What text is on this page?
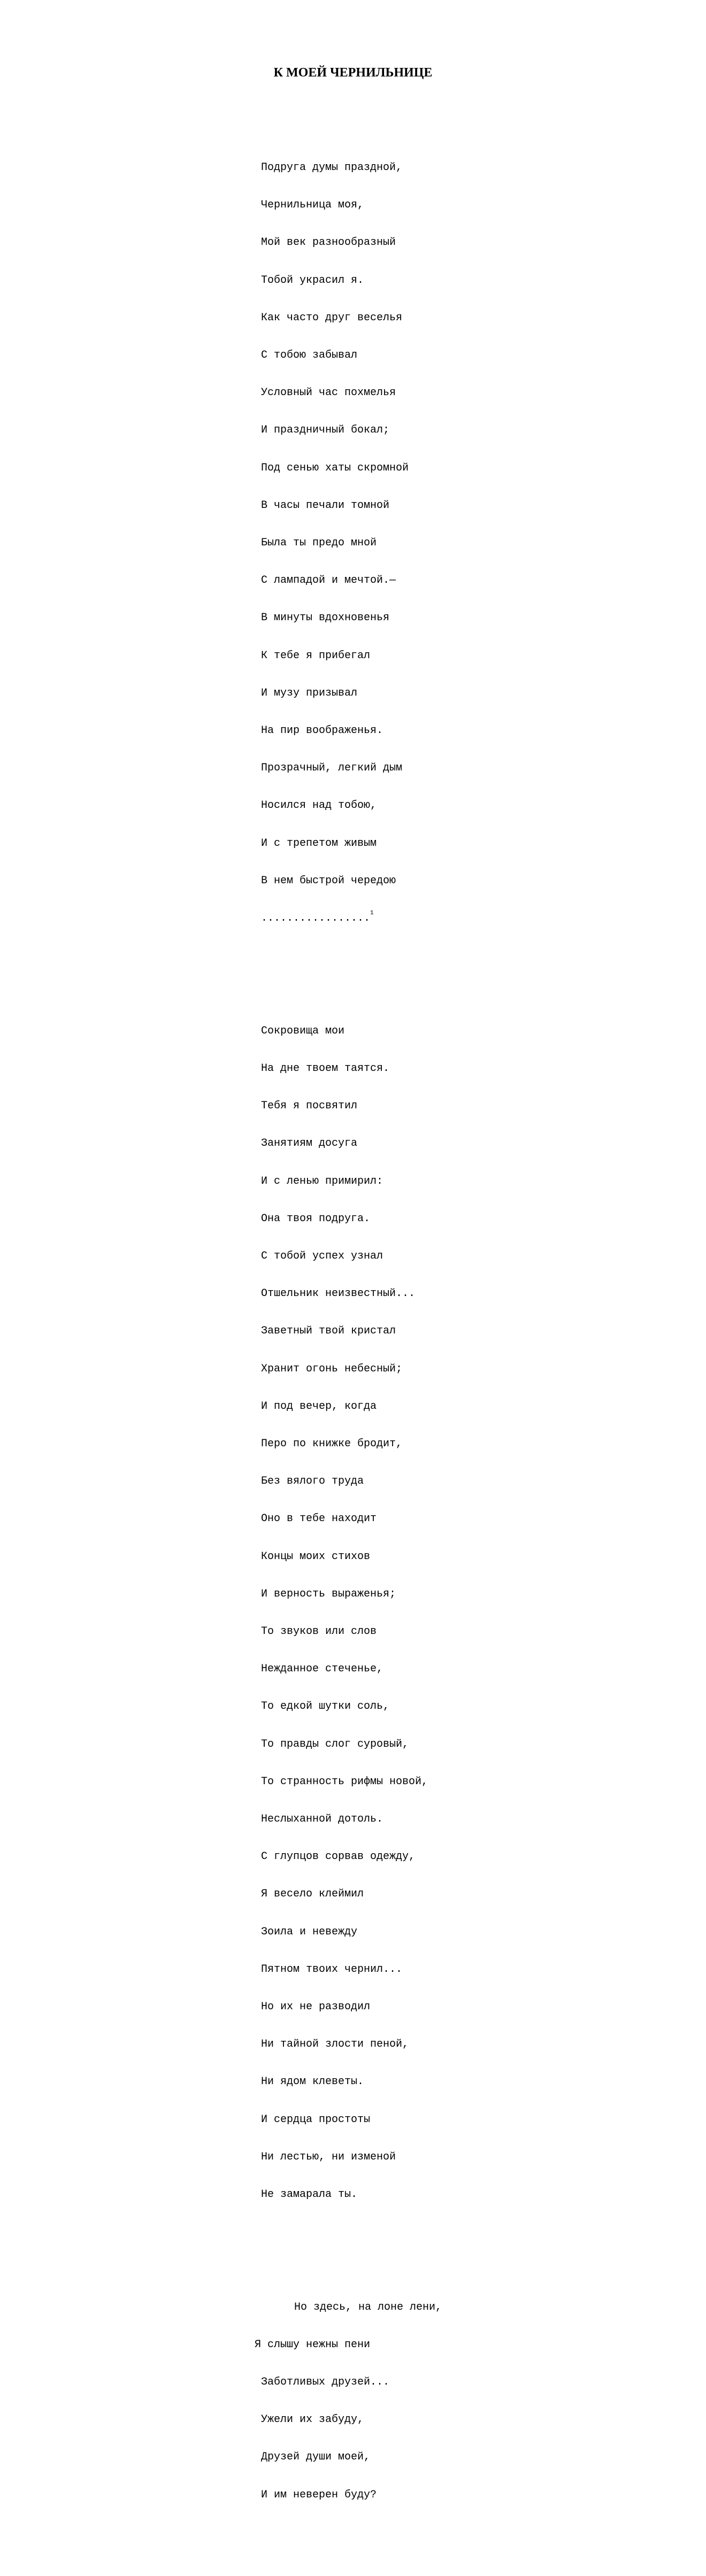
К МОЕЙ ЧЕРНИЛЬНИЦЕ

Подруга думы праздной,

Чернильница моя,

Мой век разнообразный

Тобой украсил я.

Как часто друг веселья

С тобою забывал

Условный час похмелья

И праздничный бокал;

Под сенью хаты скромной

В часы печали томной

Была ты предо мной

С лампадой и мечтой.—

В минуты вдохновенья

К тебе я прибегал

И музу призывал

На пир воображенья.

Прозрачный, легкий дым

Носился над тобою,

И с трепетом живым

В нем быстрой чередою

.................$^1$

Сокровища мои

На дне твоем таятся.

Тебя я посвятил

Занятиям досуга

И с ленью примирил:

Она твоя подруга.

С тобой успех узнал

Отшельник неизвестный...

Заветный твой кристал

Хранит огонь небесный;

И под вечер, когда

Перо по книжке бродит,

Без вялого труда

Оно в тебе находит

Концы моих стихов

И верность выраженья;

То звуков или слов

Нежданное стеченье,

То едкой шутки соль,

То правды слог суровый,

То странность рифмы новой,

Неслыханной дотоль.

С глупцов сорвав одежду,

Я весело клеймил

Зоила и невежду

Пятном твоих чернил...

Но их не разводил

Ни тайной злости пеной,

Ни ядом клеветы.

И сердца простоты

Ни лестью, ни изменой

Не замарала ты.

Но здесь, на лоне лени,

Я слышу нежны пени

Заботливых друзей...

Ужели их забуду,

Друзей души моей,

И им неверен буду?
